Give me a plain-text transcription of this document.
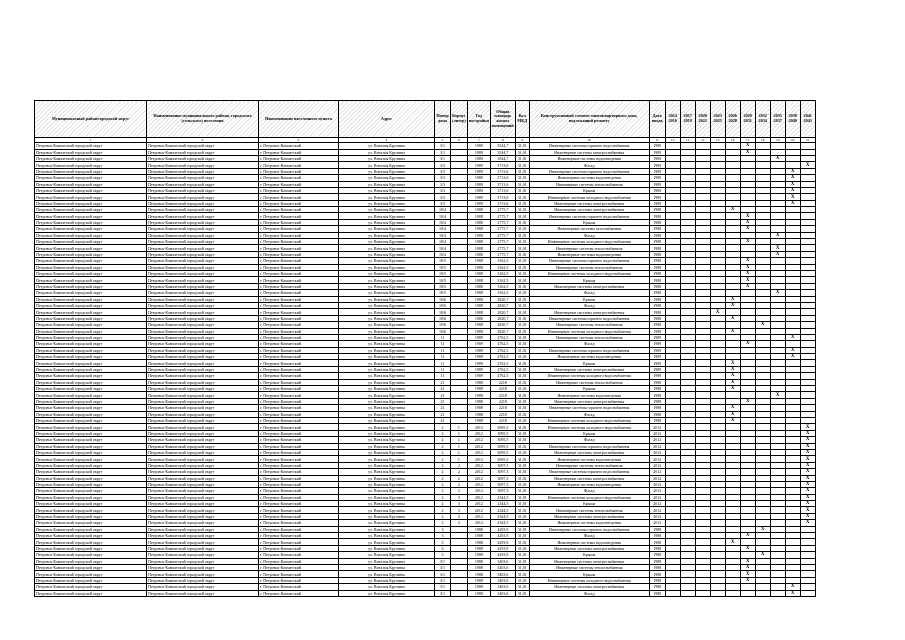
Муниципальный район/городской округ	Наименование муниципального района, городского (сельского) поселения	Наименование населенного пункта	Адрес	Номер дома	Корпус (литер)	Год постройки	Общая площадь жилых помещений	Кол МКД	Конструктивный элемент многоквартирного дома, подлежащий ремонту	Дата ввода	2014 2016	2017 2019	2020 2022	2023 2025	2026 2028	2029 2031	2032 2034	2035 2037	2038 2040	2041 2043
1	2	3	4	5	6	7	8	9	10	11	12	13	14	15	16	17	18	19	20	21
Петровск-Камчатский городской округ	Петровск-Камчатский городской округ	г. Петровск-Камчатский	ул. Виталия Кручины	3/1		1989	3544,7	31,01	Инженерные системы горячего водоснабжения	1989						X				
Петровск-Камчатский городской округ	Петровск-Камчатский городской округ	г. Петровск-Камчатский	ул. Виталия Кручины	3/1		1989	3544,7	31,01	Инженерные системы электроснабжения	1989						X				
Петровск-Камчатский городской округ	Петровск-Камчатский городской округ	г. Петровск-Камчатский	ул. Виталия Кручины	3/1		1989	3544,7	31,01	Инженерные системы водоотведения	1989								X		
Петровск-Камчатский городской округ	Петровск-Камчатский городской округ	г. Петровск-Камчатский	ул. Виталия Кручины	3/3		1989	3713,6	31,01	Фасад	1989										X
Петровск-Камчатский городской округ	Петровск-Камчатский городской округ	г. Петровск-Камчатский	ул. Виталия Кручины	3/3		1989	3713,6	31,01	Инженерные системы горячего водоснабжения	1989									X	
Петровск-Камчатский городской округ	Петровск-Камчатский городской округ	г. Петровск-Камчатский	ул. Виталия Кручины	3/3		1989	3713,6	31,01	Инженерные системы водоотведения	1989									X	
Петровск-Камчатский городской округ	Петровск-Камчатский городской округ	г. Петровск-Камчатский	ул. Виталия Кручины	3/3		1989	3713,6	31,01	Инженерные системы теплоснабжения	1989									X	
Петровск-Камчатский городской округ	Петровск-Камчатский городской округ	г. Петровск-Камчатский	ул. Виталия Кручины	3/3		1989	3713,6	31,01	Крыша	1989									X	
Петровск-Камчатский городской округ	Петровск-Камчатский городской округ	г. Петровск-Камчатский	ул. Виталия Кручины	3/3		1989	3713,6	31,01	Инженерные системы холодного водоснабжения	1989									X	
Петровск-Камчатский городской округ	Петровск-Камчатский городской округ	г. Петровск-Камчатский	ул. Виталия Кручины	3/3		1989	3713,6	31,01	Инженерные системы электроснабжения	1989									X	
Петровск-Камчатский городской округ	Петровск-Камчатский городской округ	г. Петровск-Камчатский	ул. Виталия Кручины	10/4		1988	2775,7	31,01	Инженерные системы электроснабжения	1988					X					
Петровск-Камчатский городской округ	Петровск-Камчатский городской округ	г. Петровск-Камчатский	ул. Виталия Кручины	10/4		1988	2775,7	31,01	Инженерные системы горячего водоснабжения	1988						X				
Петровск-Камчатский городской округ	Петровск-Камчатский городской округ	г. Петровск-Камчатский	ул. Виталия Кручины	10/4		1988	2775,7	31,01	Крыша	1988						X				
Петровск-Камчатский городской округ	Петровск-Камчатский городской округ	г. Петровск-Камчатский	ул. Виталия Кручины	10/4		1988	2775,7	31,01	Инженерные системы газоснабжения	1988						X				
Петровск-Камчатский городской округ	Петровск-Камчатский городской округ	г. Петровск-Камчатский	ул. Виталия Кручины	10/4		1988	2775,7	31,01	Фасад	1988								X		
Петровск-Камчатский городской округ	Петровск-Камчатский городской округ	г. Петровск-Камчатский	ул. Виталия Кручины	10/4		1988	2775,7	31,01	Инженерные системы холодного водоснабжения	1988						X				
Петровск-Камчатский городской округ	Петровск-Камчатский городской округ	г. Петровск-Камчатский	ул. Виталия Кручины	10/4		1988	2775,7	31,01	Инженерные системы теплоснабжения	1988								X		
Петровск-Камчатский городской округ	Петровск-Камчатский городской округ	г. Петровск-Камчатский	ул. Виталия Кручины	10/4		1988	2775,7	31,01	Инженерные системы водоотведения	1988								X		
Петровск-Камчатский городской округ	Петровск-Камчатский городской округ	г. Петровск-Камчатский	ул. Виталия Кручины	10/5		1988	3162,5	31,01	Инженерные системы горячего водоснабжения	1988						X				
Петровск-Камчатский городской округ	Петровск-Камчатский городской округ	г. Петровск-Камчатский	ул. Виталия Кручины	10/5		1988	3162,5	31,01	Инженерные системы теплоснабжения	1988						X				
Петровск-Камчатский городской округ	Петровск-Камчатский городской округ	г. Петровск-Камчатский	ул. Виталия Кручины	10/5		1988	3162,5	31,01	Инженерные системы холодного водоснабжения	1988						X				
Петровск-Камчатский городской округ	Петровск-Камчатский городской округ	г. Петровск-Камчатский	ул. Виталия Кручины	10/5		1988	3162,5	31,01	Крыша	1988						X				
Петровск-Камчатский городской округ	Петровск-Камчатский городской округ	г. Петровск-Камчатский	ул. Виталия Кручины	10/5		1988	3162,5	31,01	Инженерные системы электроснабжения	1988						X				
Петровск-Камчатский городской округ	Петровск-Камчатский городской округ	г. Петровск-Камчатский	ул. Виталия Кручины	10/5		1988	3162,5	31,01	Фасад	1988								X		
Петровск-Камчатский городской округ	Петровск-Камчатский городской округ	г. Петровск-Камчатский	ул. Виталия Кручины	10/6		1988	2820,7	31,01	Крыша	1988					X					
Петровск-Камчатский городской округ	Петровск-Камчатский городской округ	г. Петровск-Камчатский	ул. Виталия Кручины	10/6		1988	2820,7	31,01	Фасад	1988					X					
Петровск-Камчатский городской округ	Петровск-Камчатский городской округ	г. Петровск-Камчатский	ул. Виталия Кручины	10/6		1988	2820,7	31,01	Инженерные системы электроснабжения	1988				X						
Петровск-Камчатский городской округ	Петровск-Камчатский городской округ	г. Петровск-Камчатский	ул. Виталия Кручины	10/6		1988	2820,7	31,01	Инженерные системы горячего водоснабжения	1988					X					
Петровск-Камчатский городской округ	Петровск-Камчатский городской округ	г. Петровск-Камчатский	ул. Виталия Кручины	10/6		1988	2820,7	31,01	Инженерные системы теплоснабжения	1988							X			
Петровск-Камчатский городской округ	Петровск-Камчатский городской округ	г. Петровск-Камчатский	ул. Виталия Кручины	10/6		1988	2820,7	31,01	Инженерные системы холодного водоснабжения	1988					X					
Петровск-Камчатский городской округ	Петровск-Камчатский городской округ	г. Петровск-Камчатский	ул. Виталия Кручины	11		1989	2762,5	31,01	Инженерные системы теплоснабжения	1989									X	
Петровск-Камчатский городской округ	Петровск-Камчатский городской округ	г. Петровск-Камчатский	ул. Виталия Кручины	11		1989	2762,5	31,01	Фасад	1989						X				
Петровск-Камчатский городской округ	Петровск-Камчатский городской округ	г. Петровск-Камчатский	ул. Виталия Кручины	11		1989	2762,5	31,01	Инженерные системы горячего водоснабжения	1989									X	
Петровск-Камчатский городской округ	Петровск-Камчатский городской округ	г. Петровск-Камчатский	ул. Виталия Кручины	11		1989	2762,5	31,01	Инженерные системы водоотведения	1989									X	
Петровск-Камчатский городской округ	Петровск-Камчатский городской округ	г. Петровск-Камчатский	ул. Виталия Кручины	11		1989	2762,5	31,01	Крыша	1989					X					
Петровск-Камчатский городской округ	Петровск-Камчатский городской округ	г. Петровск-Камчатский	ул. Виталия Кручины	11		1989	2762,5	31,01	Инженерные системы электроснабжения	1989					X					
Петровск-Камчатский городской округ	Петровск-Камчатский городской округ	г. Петровск-Камчатский	ул. Виталия Кручины	11		1989	2762,5	31,01	Инженерные системы холодного водоснабжения	1989					X					
Петровск-Камчатский городской округ	Петровск-Камчатский городской округ	г. Петровск-Камчатский	ул. Виталия Кручины	21		1988	2218	31,01	Инженерные системы теплоснабжения	1988					X					
Петровск-Камчатский городской округ	Петровск-Камчатский городской округ	г. Петровск-Камчатский	ул. Виталия Кручины	21		1988	2218	31,01	Крыша	1988					X					
Петровск-Камчатский городской округ	Петровск-Камчатский городской округ	г. Петровск-Камчатский	ул. Виталия Кручины	21		1988	2218	31,01	Инженерные системы водоотведения	1988								X		
Петровск-Камчатский городской округ	Петровск-Камчатский городской округ	г. Петровск-Камчатский	ул. Виталия Кручины	21		1988	2218	31,01	Инженерные системы электроснабжения	1988						X				
Петровск-Камчатский городской округ	Петровск-Камчатский городской округ	г. Петровск-Камчатский	ул. Виталия Кручины	21		1988	2218	31,01	Инженерные системы горячего водоснабжения	1988					X					
Петровск-Камчатский городской округ	Петровск-Камчатский городской округ	г. Петровск-Камчатский	ул. Виталия Кручины	21		1988	2218	31,01	Фасад	1988					X					
Петровск-Камчатский городской округ	Петровск-Камчатский городской округ	г. Петровск-Камчатский	ул. Виталия Кручины	21		1988	2218	31,01	Инженерные системы холодного водоснабжения	1988					X					
Петровск-Камчатский городской округ	Петровск-Камчатский городской округ	г. Петровск-Камчатский	ул. Виталия Кручины	2	1	2012	3095,5	31,01	Инженерные системы холодного водоснабжения	2012										X
Петровск-Камчатский городской округ	Петровск-Камчатский городской округ	г. Петровск-Камчатский	ул. Виталия Кручины	2	1	2012	3095,5	31,01	Крыша	2012										X
Петровск-Камчатский городской округ	Петровск-Камчатский городской округ	г. Петровск-Камчатский	ул. Виталия Кручины	2	1	2012	3095,5	31,01	Фасад	2012										X
Петровск-Камчатский городской округ	Петровск-Камчатский городской округ	г. Петровск-Камчатский	ул. Виталия Кручины	2	1	2012	3095,5	31,01	Инженерные системы горячего водоснабжения	2012										X
Петровск-Камчатский городской округ	Петровск-Камчатский городской округ	г. Петровск-Камчатский	ул. Виталия Кручины	2	1	2012	3095,5	31,01	Инженерные системы электроснабжения	2012										X
Петровск-Камчатский городской округ	Петровск-Камчатский городской округ	г. Петровск-Камчатский	ул. Виталия Кручины	2	1	2012	3095,5	31,01	Инженерные системы водоотведения	2012										X
Петровск-Камчатский городской округ	Петровск-Камчатский городской округ	г. Петровск-Камчатский	ул. Виталия Кручины	2	2	2012	3097,3	31,01	Инженерные системы теплоснабжения	2012										X
Петровск-Камчатский городской округ	Петровск-Камчатский городской округ	г. Петровск-Камчатский	ул. Виталия Кручины	2	2	2012	3097,3	31,01	Инженерные системы горячего водоснабжения	2012										X
Петровск-Камчатский городской округ	Петровск-Камчатский городской округ	г. Петровск-Камчатский	ул. Виталия Кручины	2	2	2012	3097,3	31,01	Инженерные системы электроснабжения	2012										X
Петровск-Камчатский городской округ	Петровск-Камчатский городской округ	г. Петровск-Камчатский	ул. Виталия Кручины	2	2	2012	3097,3	31,01	Инженерные системы водоотведения	2012										X
Петровск-Камчатский городской округ	Петровск-Камчатский городской округ	г. Петровск-Камчатский	ул. Виталия Кручины	2	2	2012	3097,3	31,01	Фасад	2012										X
Петровск-Камчатский городской округ	Петровск-Камчатский городской округ	г. Петровск-Камчатский	ул. Виталия Кручины	2	3	2012	2344,5	31,01	Инженерные системы холодного водоснабжения	2012										X
Петровск-Камчатский городской округ	Петровск-Камчатский городской округ	г. Петровск-Камчатский	ул. Виталия Кручины	2	3	2012	2344,5	31,01	Крыша	2012										X
Петровск-Камчатский городской округ	Петровск-Камчатский городской округ	г. Петровск-Камчатский	ул. Виталия Кручины	2	3	2012	2344,5	31,01	Инженерные системы теплоснабжения	2012										X
Петровск-Камчатский городской округ	Петровск-Камчатский городской округ	г. Петровск-Камчатский	ул. Виталия Кручины	2	3	2012	2344,5	31,01	Инженерные системы электроснабжения	2012										X
Петровск-Камчатский городской округ	Петровск-Камчатский городской округ	г. Петровск-Камчатский	ул. Виталия Кручины	2	3	2012	2344,5	31,01	Инженерные системы водоотведения	2012										X
Петровск-Камчатский городской округ	Петровск-Камчатский городской округ	г. Петровск-Камчатский	ул. Виталия Кручины	3		1988	4293,9	31,01	Инженерные системы горячего водоснабжения	1988							X			
Петровск-Камчатский городской округ	Петровск-Камчатский городской округ	г. Петровск-Камчатский	ул. Виталия Кручины	3		1988	4293,9	31,01	Фасад	1988						X				
Петровск-Камчатский городской округ	Петровск-Камчатский городской округ	г. Петровск-Камчатский	ул. Виталия Кручины	3		1988	4293,9	31,01	Инженерные системы водоотведения	1988					X					
Петровск-Камчатский городской округ	Петровск-Камчатский городской округ	г. Петровск-Камчатский	ул. Виталия Кручины	3		1988	4293,9	31,01	Инженерные системы электроснабжения	1988						X				
Петровск-Камчатский городской округ	Петровск-Камчатский городской округ	г. Петровск-Камчатский	ул. Виталия Кручины	3		1988	4293,9	31,01	Крыша	1988							X			
Петровск-Камчатский городской округ	Петровск-Камчатский городской округ	г. Петровск-Камчатский	ул. Виталия Кручины	3/1		1988	3403,6	31,01	Инженерные системы электроснабжения	1988						X				
Петровск-Камчатский городской округ	Петровск-Камчатский городской округ	г. Петровск-Камчатский	ул. Виталия Кручины	3/1		1988	3403,6	31,01	Инженерные системы теплоснабжения	1988						X				
Петровск-Камчатский городской округ	Петровск-Камчатский городской округ	г. Петровск-Камчатский	ул. Виталия Кручины	3/1		1988	3403,6	31,01	Крыша	1988						X				
Петровск-Камчатский городской округ	Петровск-Камчатский городской округ	г. Петровск-Камчатский	ул. Виталия Кручины	3/1		1988	3403,6	31,01	Инженерные системы холодного водоснабжения	1988						X				
Петровск-Камчатский городской округ	Петровск-Камчатский городской округ	г. Петровск-Камчатский	ул. Виталия Кручины	3/1		1988	3403,6	31,01	Инженерные системы электроснабжения	1988									X	
Петровск-Камчатский городской округ	Петровск-Камчатский городской округ	г. Петровск-Камчатский	ул. Виталия Кручины	3/1		1988	3403,6	31,01	Фасад	1988									X	
